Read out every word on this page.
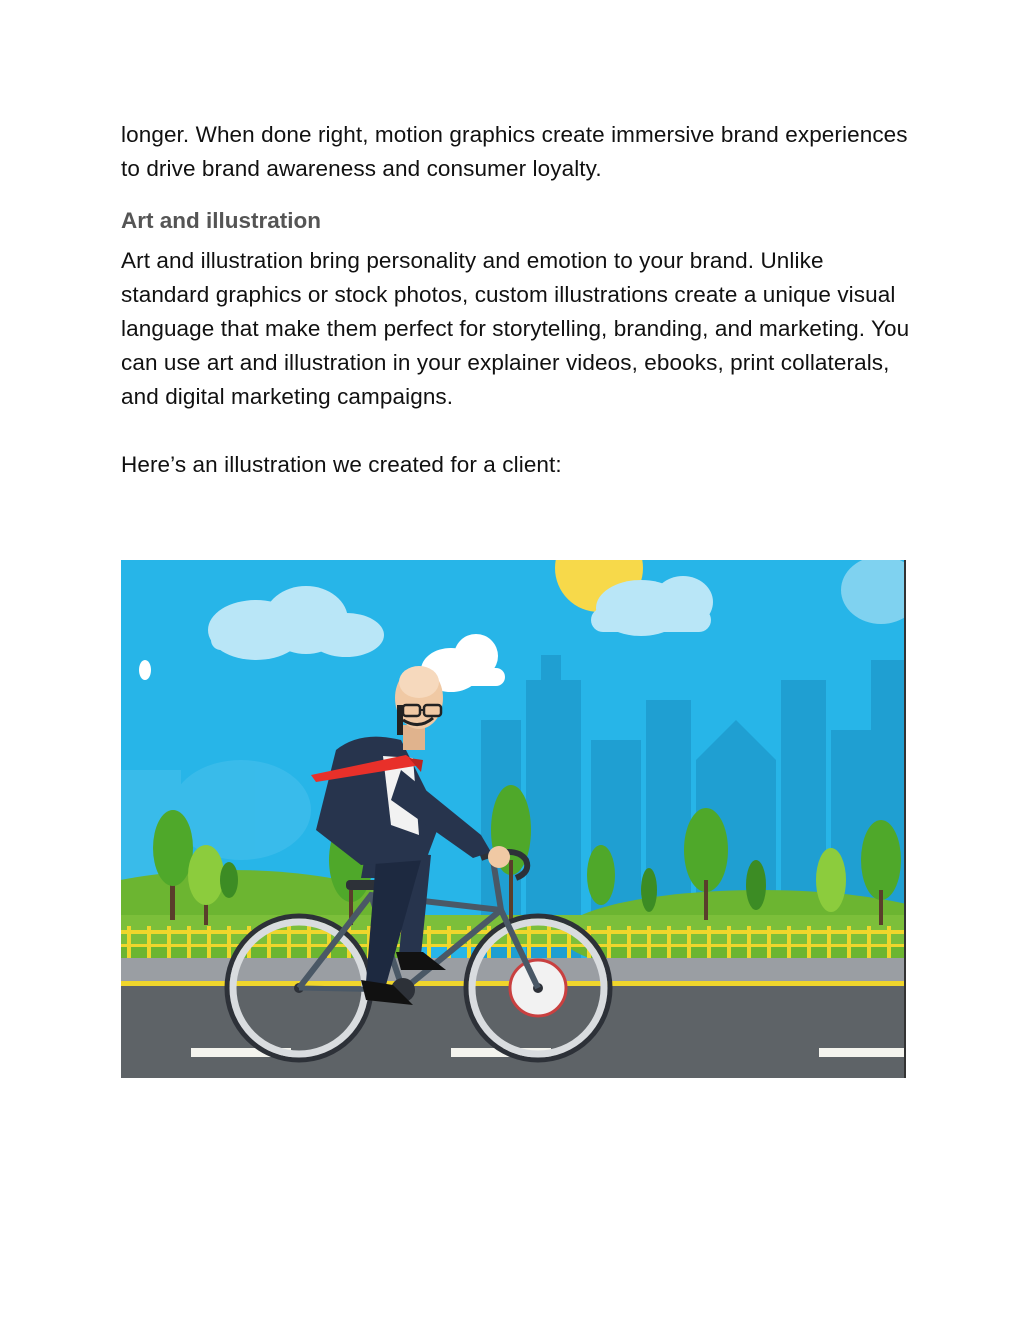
longer. When done right, motion graphics create immersive brand experiences to drive brand awareness and consumer loyalty.

Art and illustration

Art and illustration bring personality and emotion to your brand. Unlike standard graphics or stock photos, custom illustrations create a unique visual language that make them perfect for storytelling, branding, and marketing. You can use art and illustration in your explainer videos, ebooks, print collaterals, and digital marketing campaigns.

Here’s an illustration we created for a client:
